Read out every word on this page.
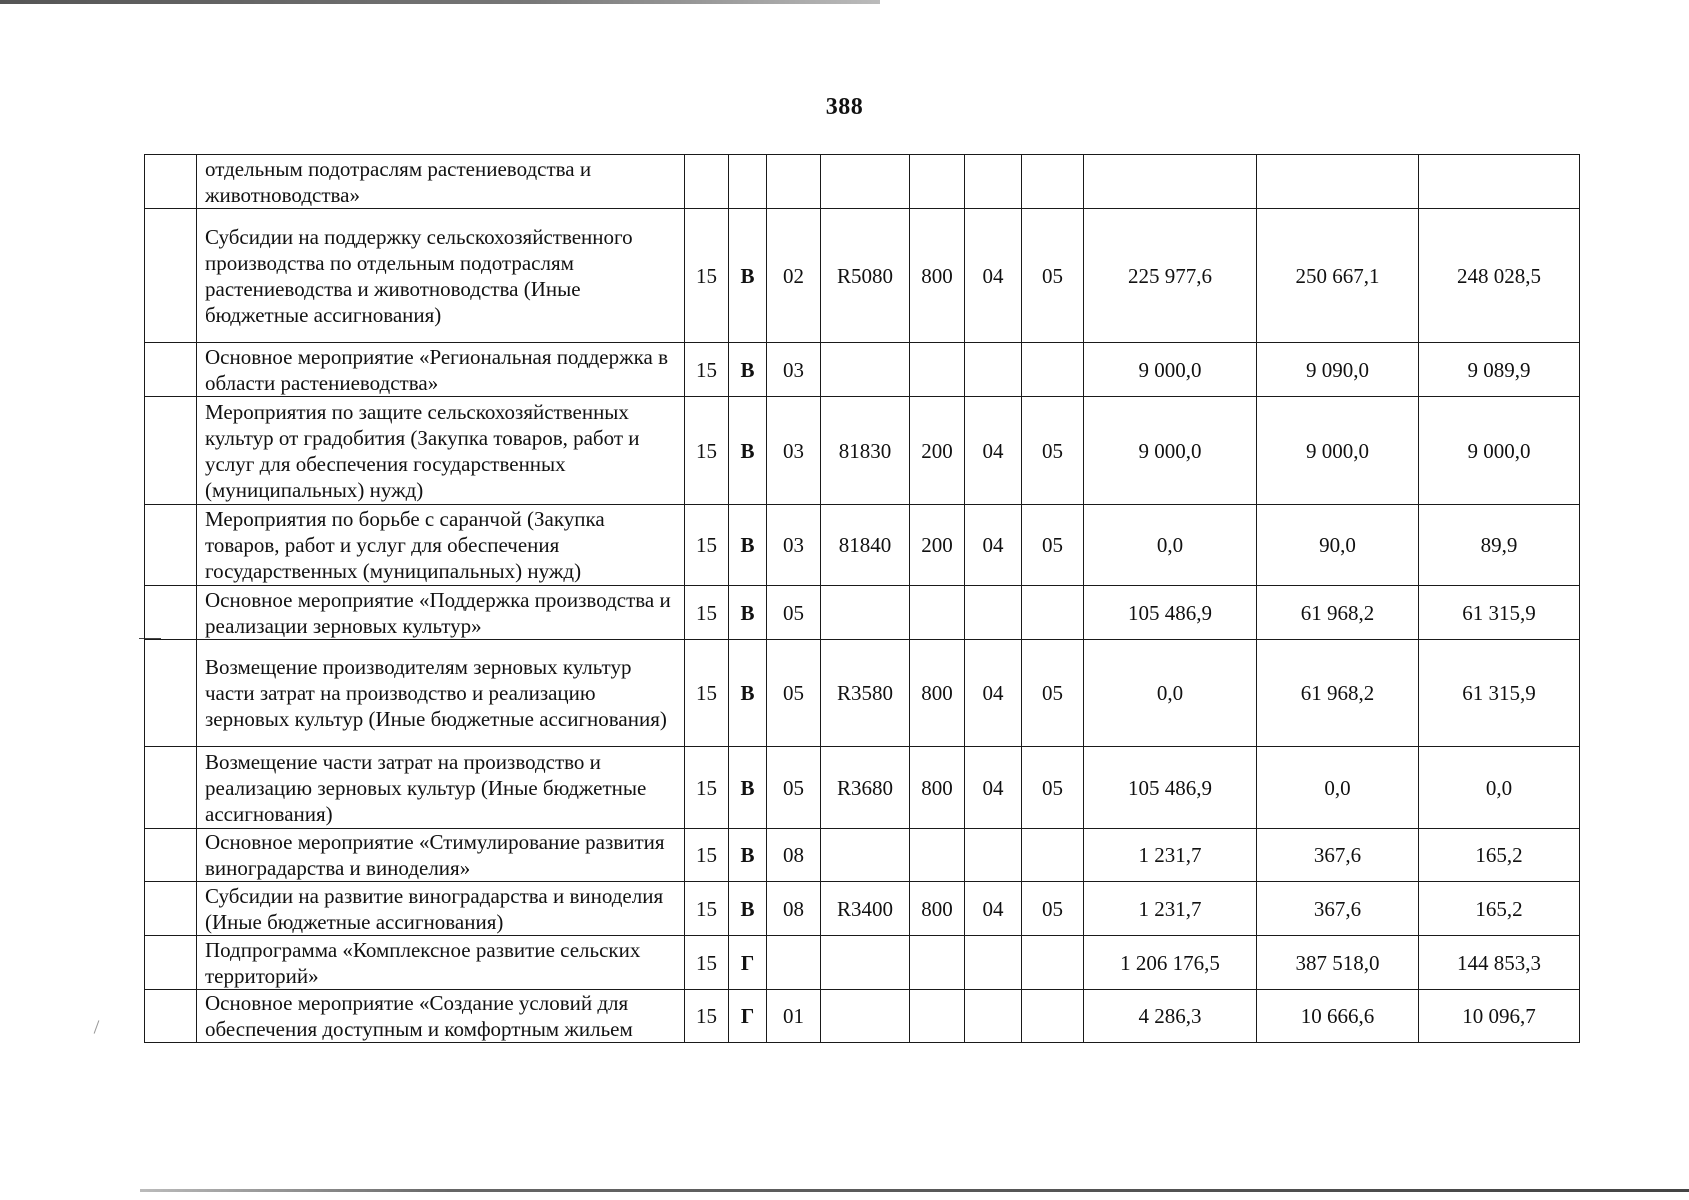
388
	отдельным подотраслям растениеводства и животноводства»										
	Субсидии на поддержку сельскохозяйственного производства по отдельным подотраслям растениеводства и животноводства (Иные бюджетные ассигнования)	15	В	02	R5080	800	04	05	225 977,6	250 667,1	248 028,5
	Основное мероприятие «Региональная поддержка в области растениеводства»	15	В	03					9 000,0	9 090,0	9 089,9
	Мероприятия по защите сельскохозяйственных культур от градобития (Закупка товаров, работ и услуг для обеспечения государственных (муниципальных) нужд)	15	В	03	81830	200	04	05	9 000,0	9 000,0	9 000,0
	Мероприятия по борьбе с саранчой (Закупка товаров, работ и услуг для обеспечения государственных (муниципальных) нужд)	15	В	03	81840	200	04	05	0,0	90,0	89,9
	Основное мероприятие «Поддержка производства и реализации зерновых культур»	15	В	05					105 486,9	61 968,2	61 315,9
	Возмещение производителям зерновых культур части затрат на производство и реализацию зерновых культур (Иные бюджетные ассигнования)	15	В	05	R3580	800	04	05	0,0	61 968,2	61 315,9
	Возмещение части затрат на производство и реализацию зерновых культур (Иные бюджетные ассигнования)	15	В	05	R3680	800	04	05	105 486,9	0,0	0,0
	Основное мероприятие «Стимулирование развития виноградарства и виноделия»	15	В	08					1 231,7	367,6	165,2
	Субсидии на развитие виноградарства и виноделия (Иные бюджетные ассигнования)	15	В	08	R3400	800	04	05	1 231,7	367,6	165,2
	Подпрограмма «Комплексное развитие сельских территорий»	15	Г						1 206 176,5	387 518,0	144 853,3
	Основное мероприятие «Создание условий для обеспечения доступным и комфортным жильем	15	Г	01					4 286,3	10 666,6	10 096,7
